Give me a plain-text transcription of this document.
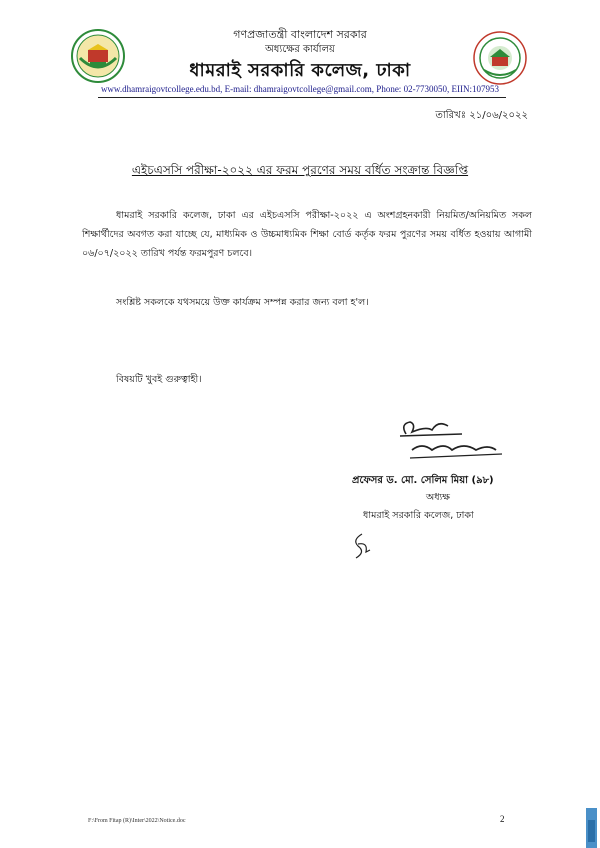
গণপ্রজাতন্ত্রী বাংলাদেশ সরকার
অধ্যক্ষের কার্যালয়
ধামরাই সরকারি কলেজ, ঢাকা
www.dhamraigovtcollege.edu.bd, E-mail: dhamraigovtcollege@gmail.com, Phone: 02-7730050, EIIN:107953
তারিখঃ ২১/০৬/২০২২
এইচএসসি পরীক্ষা-২০২২ এর ফরম পুরণের সময় বর্ধিত সংক্রান্ত বিজ্ঞপ্তি
ধামরাই সরকারি কলেজ, ঢাকা এর এইচএসসি পরীক্ষা-২০২২ এ অংশগ্রহনকারী নিয়মিত/অনিয়মিত সকল শিক্ষার্থীদের অবগত করা যাচ্ছে যে, মাধ্যমিক ও উচ্চমাধ্যমিক শিক্ষা বোর্ড কর্তৃক ফরম পুরণের সময় বর্ধিত হওয়ায় আগামী ০৬/০৭/২০২২ তারিখ পর্যন্ত ফরমপুরণ চলবে।
সংশ্লিষ্ট সকলকে যথসময়ে উক্ত কার্যক্রম সম্পন্ন করার জন্য বলা হ'ল।
বিষয়টি খুবই গুরুত্বাহী।
প্রফেসর ড. মো. সেলিম মিয়া (৯৮)
অধ্যক্ষ
ধামরাই সরকারি কলেজ, ঢাকা
F:\From Fitap (R)\Inter\2022\Notice.doc	2
